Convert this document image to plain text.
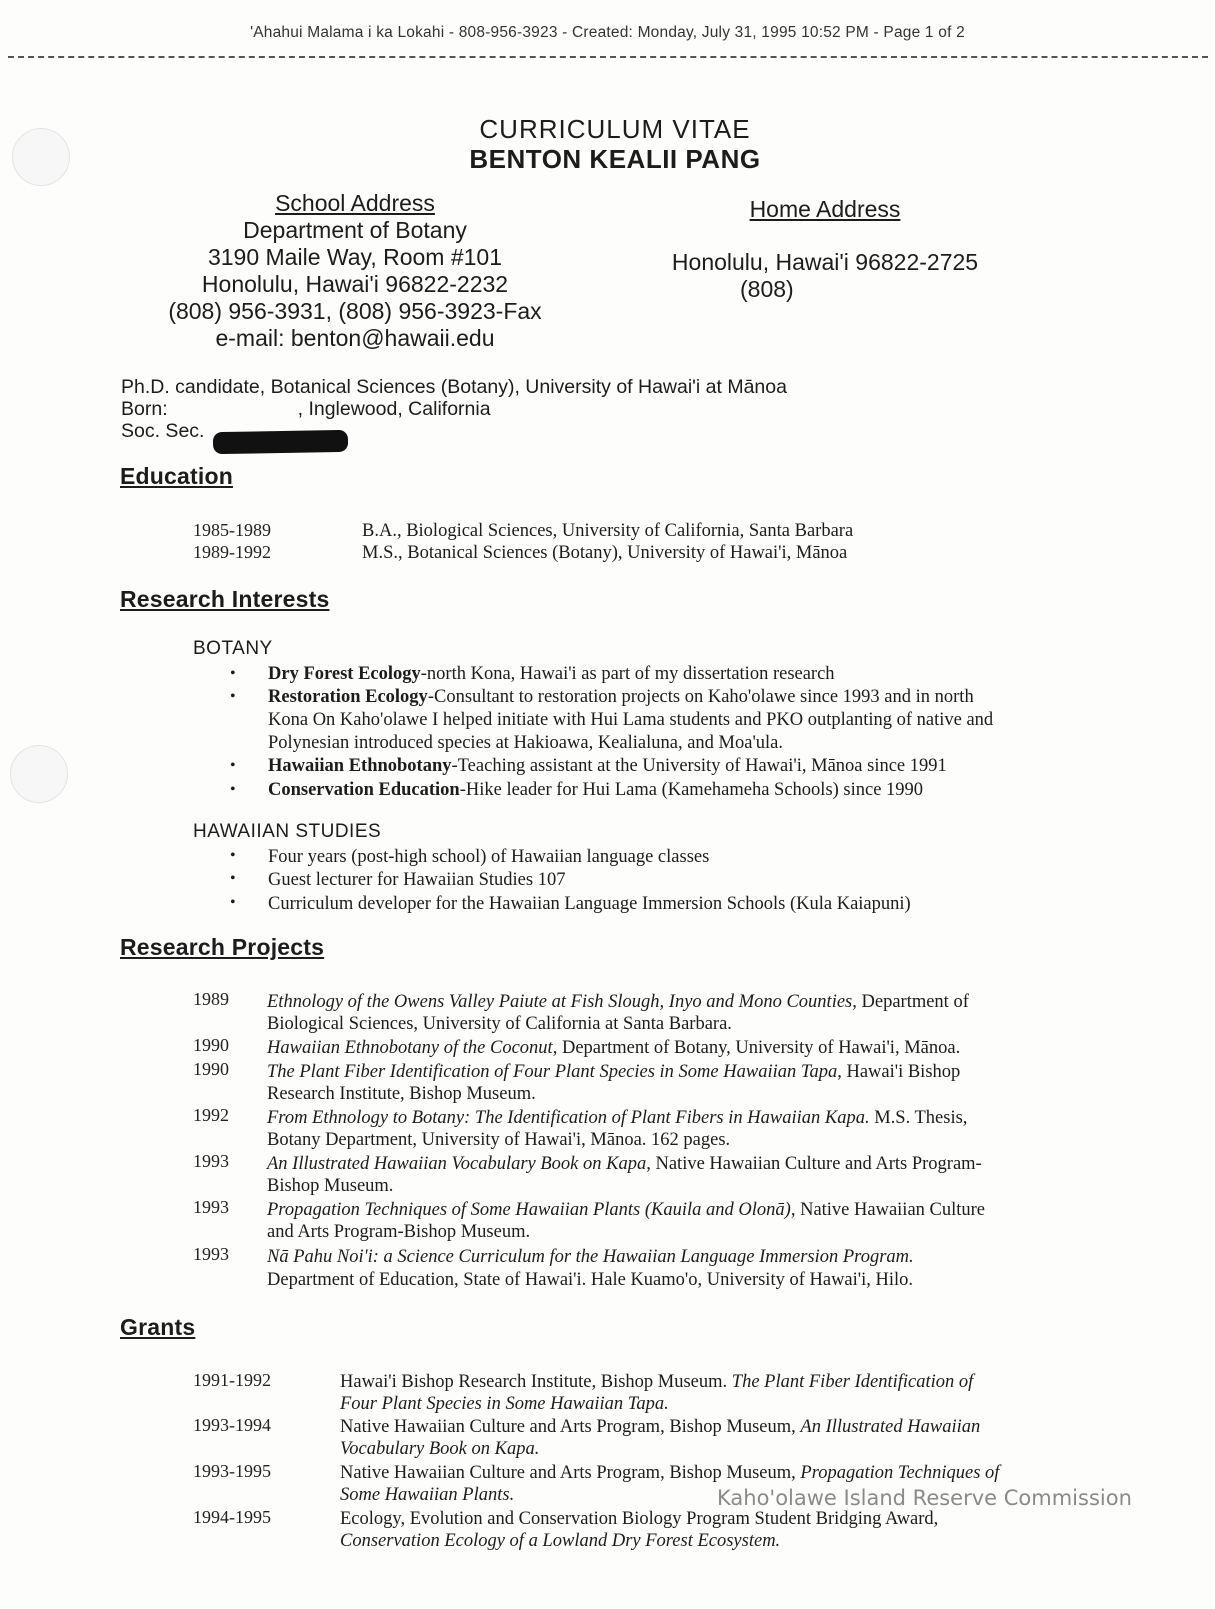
'Ahahui Malama i ka Lokahi - 808-956-3923 - Created: Monday, July 31, 1995 10:52 PM - Page 1 of 2
CURRICULUM VITAE
BENTON KEALII PANG
School Address
Department of Botany
3190 Maile Way, Room #101
Honolulu, Hawai'i 96822-2232
(808) 956-3931, (808) 956-3923-Fax
e-mail: benton@hawaii.edu
Home Address
Honolulu, Hawai'i 96822-2725
(808)
Ph.D. candidate, Botanical Sciences (Botany), University of Hawai'i at Mānoa
Born:	, Inglewood, California
Soc. Sec.
Education
1985-1989	B.A., Biological Sciences, University of California, Santa Barbara
1989-1992	M.S., Botanical Sciences (Botany), University of Hawai'i, Mānoa
Research Interests
BOTANY
• Dry Forest Ecology-north Kona, Hawai'i as part of my dissertation research
• Restoration Ecology-Consultant to restoration projects on Kaho'olawe since 1993 and in north
Kona On Kaho'olawe I helped initiate with Hui Lama students and PKO outplanting of native and
Polynesian introduced species at Hakioawa, Kealialuna, and Moa'ula.
• Hawaiian Ethnobotany-Teaching assistant at the University of Hawai'i, Mānoa since 1991
• Conservation Education-Hike leader for Hui Lama (Kamehameha Schools) since 1990
HAWAIIAN STUDIES
• Four years (post-high school) of Hawaiian language classes
• Guest lecturer for Hawaiian Studies 107
• Curriculum developer for the Hawaiian Language Immersion Schools (Kula Kaiapuni)
Research Projects
1989 Ethnology of the Owens Valley Paiute at Fish Slough, Inyo and Mono Counties, Department of
Biological Sciences, University of California at Santa Barbara.
1990 Hawaiian Ethnobotany of the Coconut, Department of Botany, University of Hawai'i, Mānoa.
1990 The Plant Fiber Identification of Four Plant Species in Some Hawaiian Tapa, Hawai'i Bishop
Research Institute, Bishop Museum.
1992 From Ethnology to Botany: The Identification of Plant Fibers in Hawaiian Kapa. M.S. Thesis,
Botany Department, University of Hawai'i, Mānoa. 162 pages.
1993 An Illustrated Hawaiian Vocabulary Book on Kapa, Native Hawaiian Culture and Arts Program-
Bishop Museum.
1993 Propagation Techniques of Some Hawaiian Plants (Kauila and Olonā), Native Hawaiian Culture
and Arts Program-Bishop Museum.
1993 Nā Pahu Noi'i: a Science Curriculum for the Hawaiian Language Immersion Program.
Department of Education, State of Hawai'i. Hale Kuamo'o, University of Hawai'i, Hilo.
Grants
1991-1992	Hawai'i Bishop Research Institute, Bishop Museum. The Plant Fiber Identification of
Four Plant Species in Some Hawaiian Tapa.
1993-1994	Native Hawaiian Culture and Arts Program, Bishop Museum, An Illustrated Hawaiian
Vocabulary Book on Kapa.
1993-1995	Native Hawaiian Culture and Arts Program, Bishop Museum, Propagation Techniques of
Some Hawaiian Plants.
1994-1995	Ecology, Evolution and Conservation Biology Program Student Bridging Award,
Conservation Ecology of a Lowland Dry Forest Ecosystem.
Kaho'olawe Island Reserve Commission
